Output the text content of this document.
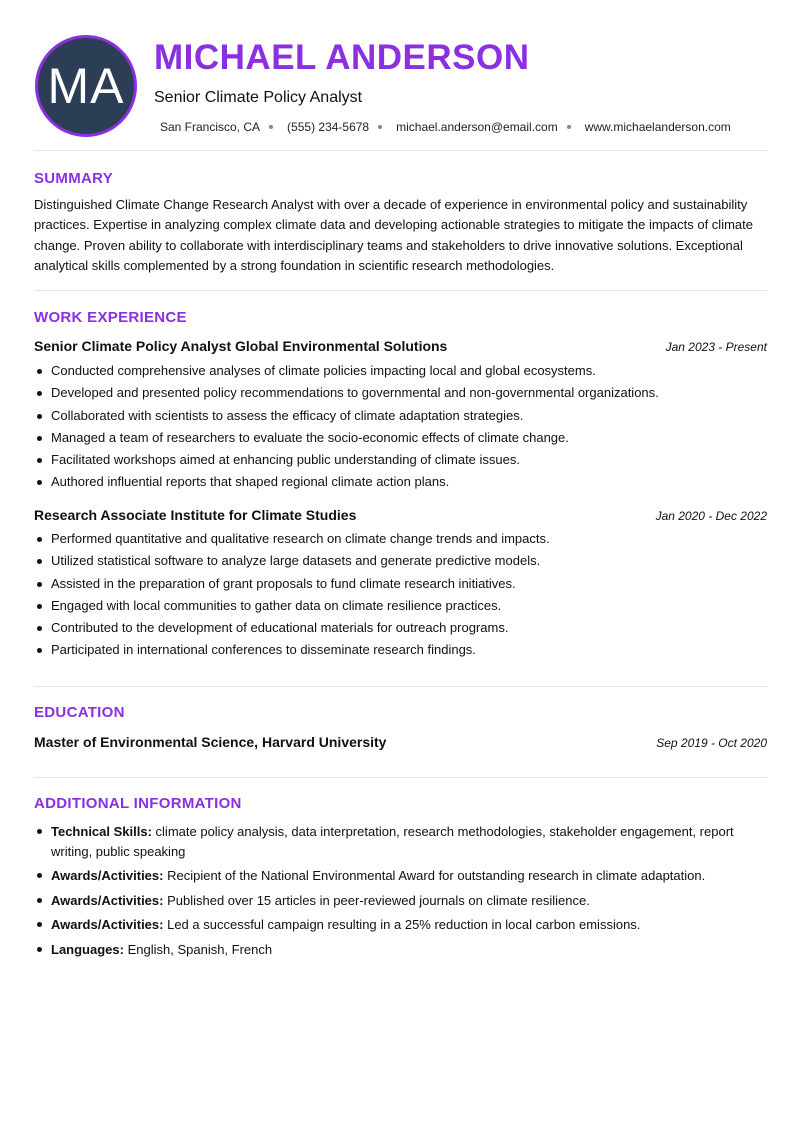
MA
MICHAEL ANDERSON
Senior Climate Policy Analyst
San Francisco, CA (555) 234-5678 michael.anderson@email.com www.michaelanderson.com
SUMMARY
Distinguished Climate Change Research Analyst with over a decade of experience in environmental policy and sustainability practices. Expertise in analyzing complex climate data and developing actionable strategies to mitigate the impacts of climate change. Proven ability to collaborate with interdisciplinary teams and stakeholders to drive innovative solutions. Exceptional analytical skills complemented by a strong foundation in scientific research methodologies.
WORK EXPERIENCE
Senior Climate Policy Analyst Global Environmental Solutions	Jan 2023 - Present
Conducted comprehensive analyses of climate policies impacting local and global ecosystems.
Developed and presented policy recommendations to governmental and non-governmental organizations.
Collaborated with scientists to assess the efficacy of climate adaptation strategies.
Managed a team of researchers to evaluate the socio-economic effects of climate change.
Facilitated workshops aimed at enhancing public understanding of climate issues.
Authored influential reports that shaped regional climate action plans.
Research Associate Institute for Climate Studies	Jan 2020 - Dec 2022
Performed quantitative and qualitative research on climate change trends and impacts.
Utilized statistical software to analyze large datasets and generate predictive models.
Assisted in the preparation of grant proposals to fund climate research initiatives.
Engaged with local communities to gather data on climate resilience practices.
Contributed to the development of educational materials for outreach programs.
Participated in international conferences to disseminate research findings.
EDUCATION
Master of Environmental Science, Harvard University	Sep 2019 - Oct 2020
ADDITIONAL INFORMATION
Technical Skills: climate policy analysis, data interpretation, research methodologies, stakeholder engagement, report writing, public speaking
Awards/Activities: Recipient of the National Environmental Award for outstanding research in climate adaptation.
Awards/Activities: Published over 15 articles in peer-reviewed journals on climate resilience.
Awards/Activities: Led a successful campaign resulting in a 25% reduction in local carbon emissions.
Languages: English, Spanish, French
